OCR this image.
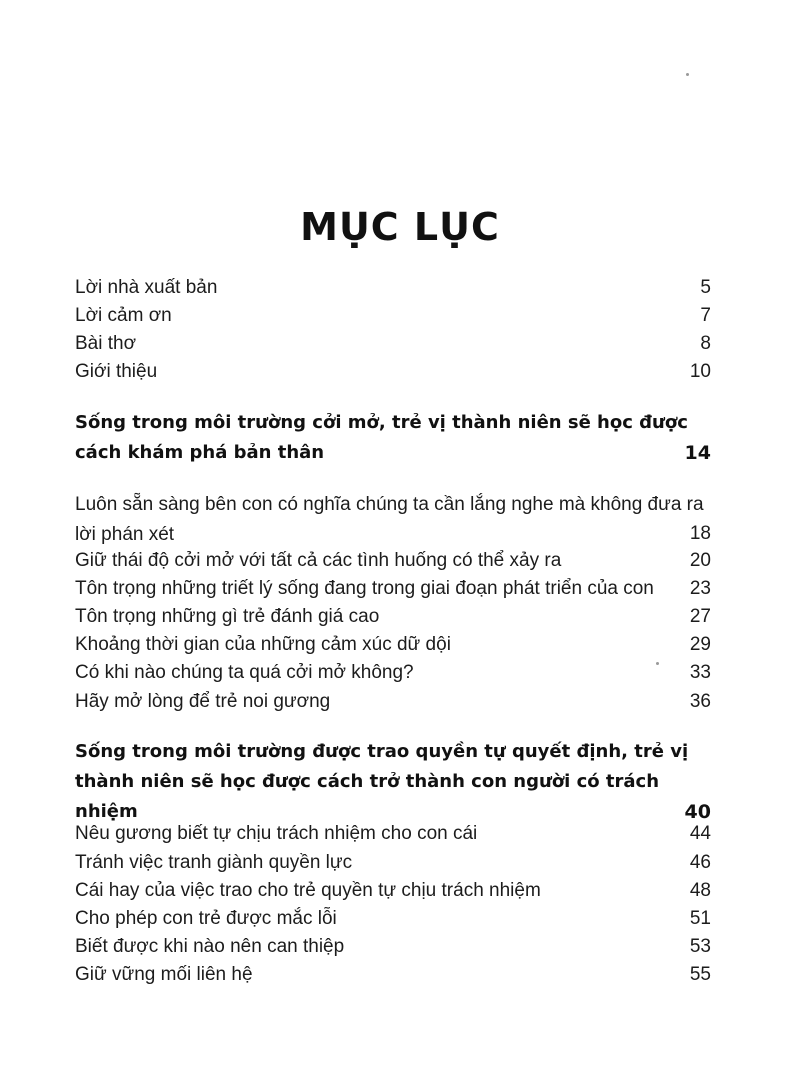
MỤC LỤC
Lời nhà xuất bản	5
Lời cảm ơn	7
Bài thơ	8
Giới thiệu	10
Sống trong môi trường cởi mở, trẻ vị thành niên sẽ học được cách khám phá bản thân	14
Luôn sẵn sàng bên con có nghĩa chúng ta cần lắng nghe mà không đưa ra lời phán xét	18
Giữ thái độ cởi mở với tất cả các tình huống có thể xảy ra	20
Tôn trọng những triết lý sống đang trong giai đoạn phát triển của con 23
Tôn trọng những gì trẻ đánh giá cao	27
Khoảng thời gian của những cảm xúc dữ dội	29
Có khi nào chúng ta quá cởi mở không?	33
Hãy mở lòng để trẻ noi gương	36
Sống trong môi trường được trao quyền tự quyết định, trẻ vị thành niên sẽ học được cách trở thành con người có trách nhiệm	40
Nêu gương biết tự chịu trách nhiệm cho con cái	44
Tránh việc tranh giành quyền lực	46
Cái hay của việc trao cho trẻ quyền tự chịu trách nhiệm	48
Cho phép con trẻ được mắc lỗi	51
Biết được khi nào nên can thiệp	53
Giữ vững mối liên hệ	55
